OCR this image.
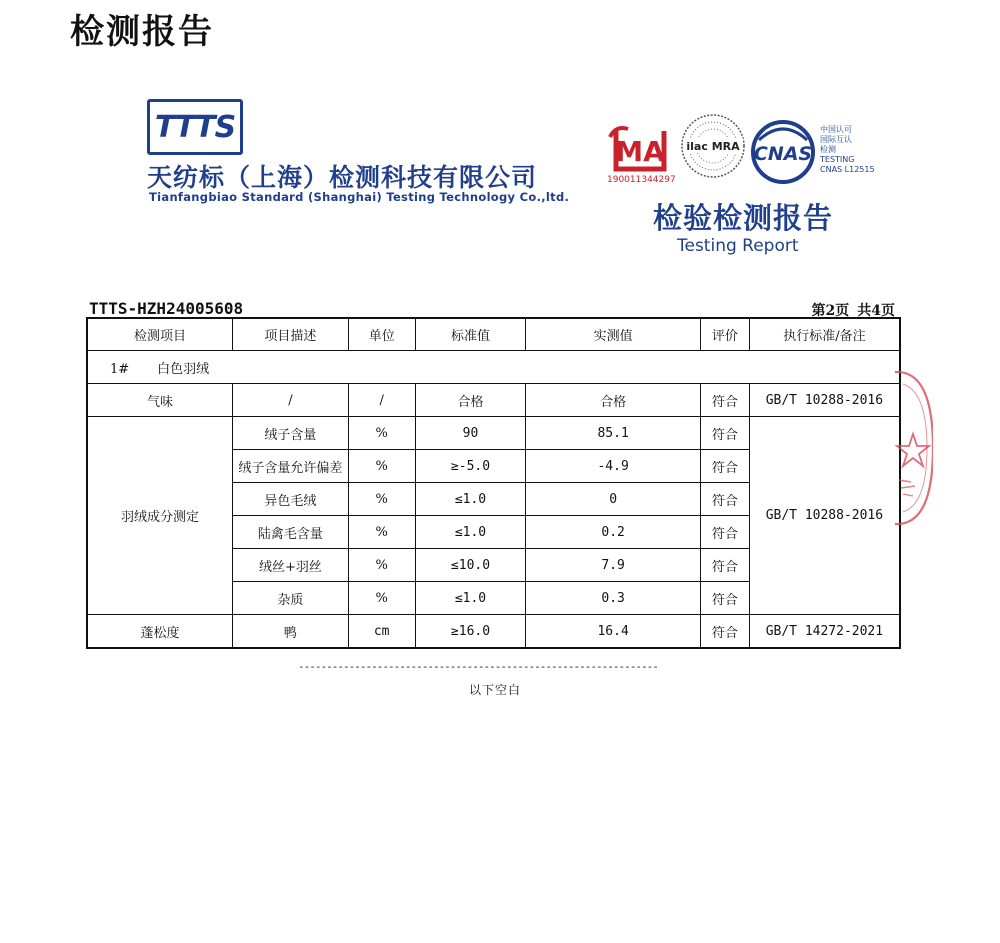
检测报告
TTTS
天纺标（上海）检测科技有限公司
Tianfangbiao Standard (Shanghai) Testing Technology Co.,ltd.
MA
190011344297
ilac MRA CNAS
中国认可
国际互认
检测
TESTING
CNAS L12515
检验检测报告
Testing Report
TTTS-HZH24005608	第2页 共4页
检测项目	项目描述	单位	标准值	实测值	评价	执行标准/备注
1# 白色羽绒						
气味	/	/	合格	合格	符合	GB/T 10288-2016
羽绒成分测定	绒子含量	%	90	85.1	符合	GB/T 10288-2016
	绒子含量允许偏差	%	≥-5.0	-4.9	符合	
	异色毛绒	%	≤1.0	0	符合	
	陆禽毛含量	%	≤1.0	0.2	符合	
	绒丝+羽丝	%	≤10.0	7.9	符合	
	杂质	%	≤1.0	0.3	符合	
蓬松度	鸭	cm	≥16.0	16.4	符合	GB/T 14272-2021
----------------------------------------------------------------
以下空白
